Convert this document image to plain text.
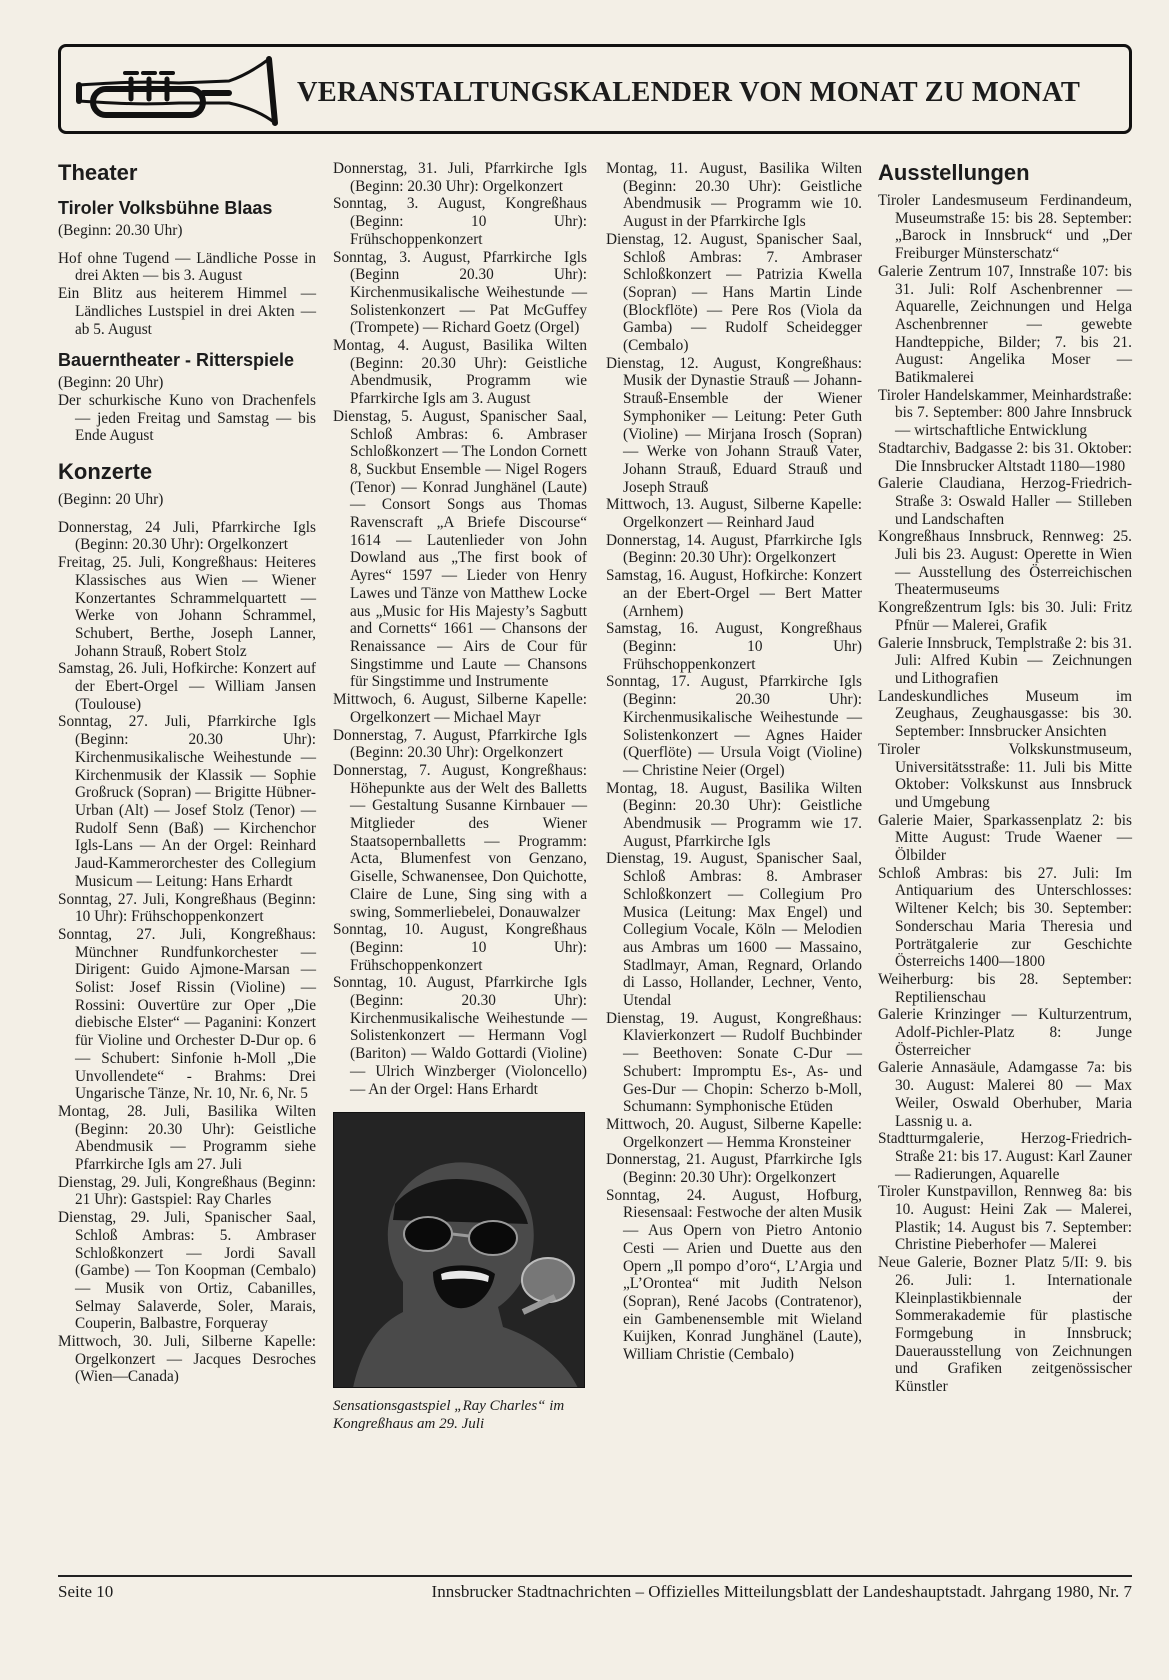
VERANSTALTUNGSKALENDER VON MONAT ZU MONAT
Theater
Tiroler Volksbühne Blaas

(Beginn: 20.30 Uhr)

Hof ohne Tugend — Ländliche Posse in drei Akten — bis 3. August

Ein Blitz aus heiterem Himmel — Ländliches Lustspiel in drei Akten — ab 5. August

Bauerntheater - Ritterspiele

(Beginn: 20 Uhr)

Der schurkische Kuno von Drachenfels — jeden Freitag und Samstag — bis Ende August

Konzerte

(Beginn: 20 Uhr)

Donnerstag, 24 Juli, Pfarrkirche Igls (Beginn: 20.30 Uhr): Orgelkonzert

Freitag, 25. Juli, Kongreßhaus: Heiteres Klassisches aus Wien — Wiener Konzertantes Schrammelquartett — Werke von Johann Schrammel, Schubert, Berthe, Joseph Lanner, Johann Strauß, Robert Stolz

Samstag, 26. Juli, Hofkirche: Konzert auf der Ebert-Orgel — William Jansen (Toulouse)

Sonntag, 27. Juli, Pfarrkirche Igls (Beginn: 20.30 Uhr): Kirchenmusikalische Weihestunde — Kirchenmusik der Klassik — Sophie Großruck (Sopran) — Brigitte Hübner-Urban (Alt) — Josef Stolz (Tenor) — Rudolf Senn (Baß) — Kirchenchor Igls-Lans — An der Orgel: Reinhard Jaud-Kammerorchester des Collegium Musicum — Leitung: Hans Erhardt

Sonntag, 27. Juli, Kongreßhaus (Beginn: 10 Uhr): Frühschoppenkonzert

Sonntag, 27. Juli, Kongreßhaus: Münchner Rundfunkorchester — Dirigent: Guido Ajmone-Marsan — Solist: Josef Rissin (Violine) — Rossini: Ouvertüre zur Oper „Die diebische Elster“ — Paganini: Konzert für Violine und Orchester D-Dur op. 6 — Schubert: Sinfonie h-Moll „Die Unvollendete“ - Brahms: Drei Ungarische Tänze, Nr. 10, Nr. 6, Nr. 5

Montag, 28. Juli, Basilika Wilten (Beginn: 20.30 Uhr): Geistliche Abendmusik — Programm siehe Pfarrkirche Igls am 27. Juli

Dienstag, 29. Juli, Kongreßhaus (Beginn: 21 Uhr): Gastspiel: Ray Charles

Dienstag, 29. Juli, Spanischer Saal, Schloß Ambras: 5. Ambraser Schloßkonzert — Jordi Savall (Gambe) — Ton Koopman (Cembalo) — Musik von Ortiz, Cabanilles, Selmay Salaverde, Soler, Marais, Couperin, Balbastre, Forqueray

Mittwoch, 30. Juli, Silberne Kapelle: Orgelkonzert — Jacques Desroches (Wien—Canada)

Donnerstag, 31. Juli, Pfarrkirche Igls (Beginn: 20.30 Uhr): Orgelkonzert

Sonntag, 3. August, Kongreßhaus (Beginn: 10 Uhr): Frühschoppenkonzert

Sonntag, 3. August, Pfarrkirche Igls (Beginn 20.30 Uhr): Kirchenmusikalische Weihestunde — Solistenkonzert — Pat McGuffey (Trompete) — Richard Goetz (Orgel)

Montag, 4. August, Basilika Wilten (Beginn: 20.30 Uhr): Geistliche Abendmusik, Programm wie Pfarrkirche Igls am 3. August

Dienstag, 5. August, Spanischer Saal, Schloß Ambras: 6. Ambraser Schloßkonzert — The London Cornett 8, Suckbut Ensemble — Nigel Rogers (Tenor) — Konrad Junghänel (Laute) — Consort Songs aus Thomas Ravenscraft „A Briefe Discourse“ 1614 — Lautenlieder von John Dowland aus „The first book of Ayres“ 1597 — Lieder von Henry Lawes und Tänze von Matthew Locke aus „Music for His Majesty’s Sagbutt and Cornetts“ 1661 — Chansons der Renaissance — Airs de Cour für Singstimme und Laute — Chansons für Singstimme und Instrumente

Mittwoch, 6. August, Silberne Kapelle: Orgelkonzert — Michael Mayr

Donnerstag, 7. August, Pfarrkirche Igls (Beginn: 20.30 Uhr): Orgelkonzert

Donnerstag, 7. August, Kongreßhaus: Höhepunkte aus der Welt des Balletts — Gestaltung Susanne Kirnbauer — Mitglieder des Wiener Staatsopernballetts — Programm: Acta, Blumenfest von Genzano, Giselle, Schwanensee, Don Quichotte, Claire de Lune, Sing sing with a swing, Sommerliebelei, Donauwalzer

Sonntag, 10. August, Kongreßhaus (Beginn: 10 Uhr): Frühschoppenkonzert

Sonntag, 10. August, Pfarrkirche Igls (Beginn: 20.30 Uhr): Kirchenmusikalische Weihestunde — Solistenkonzert — Hermann Vogl (Bariton) — Waldo Gottardi (Violine) — Ulrich Winzberger (Violoncello) — An der Orgel: Hans Erhardt

Sensationsgastspiel „Ray Charles“ im Kongreßhaus am 29. Juli

Montag, 11. August, Basilika Wilten (Beginn: 20.30 Uhr): Geistliche Abendmusik — Programm wie 10. August in der Pfarrkirche Igls

Dienstag, 12. August, Spanischer Saal, Schloß Ambras: 7. Ambraser Schloßkonzert — Patrizia Kwella (Sopran) — Hans Martin Linde (Blockflöte) — Pere Ros (Viola da Gamba) — Rudolf Scheidegger (Cembalo)

Dienstag, 12. August, Kongreßhaus: Musik der Dynastie Strauß — Johann-Strauß-Ensemble der Wiener Symphoniker — Leitung: Peter Guth (Violine) — Mirjana Irosch (Sopran) — Werke von Johann Strauß Vater, Johann Strauß, Eduard Strauß und Joseph Strauß

Mittwoch, 13. August, Silberne Kapelle: Orgelkonzert — Reinhard Jaud

Donnerstag, 14. August, Pfarrkirche Igls (Beginn: 20.30 Uhr): Orgelkonzert

Samstag, 16. August, Hofkirche: Konzert an der Ebert-Orgel — Bert Matter (Arnhem)

Samstag, 16. August, Kongreßhaus (Beginn: 10 Uhr) Frühschoppenkonzert

Sonntag, 17. August, Pfarrkirche Igls (Beginn: 20.30 Uhr): Kirchenmusikalische Weihestunde — Solistenkonzert — Agnes Haider (Querflöte) — Ursula Voigt (Violine) — Christine Neier (Orgel)

Montag, 18. August, Basilika Wilten (Beginn: 20.30 Uhr): Geistliche Abendmusik — Programm wie 17. August, Pfarrkirche Igls

Dienstag, 19. August, Spanischer Saal, Schloß Ambras: 8. Ambraser Schloßkonzert — Collegium Pro Musica (Leitung: Max Engel) und Collegium Vocale, Köln — Melodien aus Ambras um 1600 — Massaino, Stadlmayr, Aman, Regnard, Orlando di Lasso, Hollander, Lechner, Vento, Utendal

Dienstag, 19. August, Kongreßhaus: Klavierkonzert — Rudolf Buchbinder — Beethoven: Sonate C-Dur — Schubert: Impromptu Es-, As- und Ges-Dur — Chopin: Scherzo b-Moll, Schumann: Symphonische Etüden

Mittwoch, 20. August, Silberne Kapelle: Orgelkonzert — Hemma Kronsteiner

Donnerstag, 21. August, Pfarrkirche Igls (Beginn: 20.30 Uhr): Orgelkonzert

Sonntag, 24. August, Hofburg, Riesensaal: Festwoche der alten Musik — Aus Opern von Pietro Antonio Cesti — Arien und Duette aus den Opern „Il pompo d’oro“, L’Argia und „L’Orontea“ mit Judith Nelson (Sopran), René Jacobs (Contratenor), ein Gambenensemble mit Wieland Kuijken, Konrad Junghänel (Laute), William Christie (Cembalo)

Ausstellungen

Tiroler Landesmuseum Ferdinandeum, Museumstraße 15: bis 28. September: „Barock in Innsbruck“ und „Der Freiburger Münsterschatz“

Galerie Zentrum 107, Innstraße 107: bis 31. Juli: Rolf Aschenbrenner — Aquarelle, Zeichnungen und Helga Aschenbrenner — gewebte Handteppiche, Bilder; 7. bis 21. August: Angelika Moser — Batikmalerei

Tiroler Handelskammer, Meinhardstraße: bis 7. September: 800 Jahre Innsbruck — wirtschaftliche Entwicklung

Stadtarchiv, Badgasse 2: bis 31. Oktober: Die Innsbrucker Altstadt 1180—1980

Galerie Claudiana, Herzog-Friedrich-Straße 3: Oswald Haller — Stilleben und Landschaften

Kongreßhaus Innsbruck, Rennweg: 25. Juli bis 23. August: Operette in Wien — Ausstellung des Österreichischen Theatermuseums

Kongreßzentrum Igls: bis 30. Juli: Fritz Pfnür — Malerei, Grafik

Galerie Innsbruck, Templstraße 2: bis 31. Juli: Alfred Kubin — Zeichnungen und Lithografien

Landeskundliches Museum im Zeughaus, Zeughausgasse: bis 30. September: Innsbrucker Ansichten

Tiroler Volkskunstmuseum, Universitätsstraße: 11. Juli bis Mitte Oktober: Volkskunst aus Innsbruck und Umgebung

Galerie Maier, Sparkassenplatz 2: bis Mitte August: Trude Waener — Ölbilder

Schloß Ambras: bis 27. Juli: Im Antiquarium des Unterschlosses: Wiltener Kelch; bis 30. September: Sonderschau Maria Theresia und Porträtgalerie zur Geschichte Österreichs 1400—1800

Weiherburg: bis 28. September: Reptilienschau

Galerie Krinzinger — Kulturzentrum, Adolf-Pichler-Platz 8: Junge Österreicher

Galerie Annasäule, Adamgasse 7a: bis 30. August: Malerei 80 — Max Weiler, Oswald Oberhuber, Maria Lassnig u. a.

Stadtturmgalerie, Herzog-Friedrich-Straße 21: bis 17. August: Karl Zauner — Radierungen, Aquarelle

Tiroler Kunstpavillon, Rennweg 8a: bis 10. August: Heini Zak — Malerei, Plastik; 14. August bis 7. September: Christine Pieberhofer — Malerei

Neue Galerie, Bozner Platz 5/II: 9. bis 26. Juli: 1. Internationale Kleinplastikbiennale der Sommerakademie für plastische Formgebung in Innsbruck; Dauerausstellung von Zeichnungen und Grafiken zeitgenössischer Künstler

Seite 10	Innsbrucker Stadtnachrichten – Offizielles Mitteilungsblatt der Landeshauptstadt. Jahrgang 1980, Nr. 7
